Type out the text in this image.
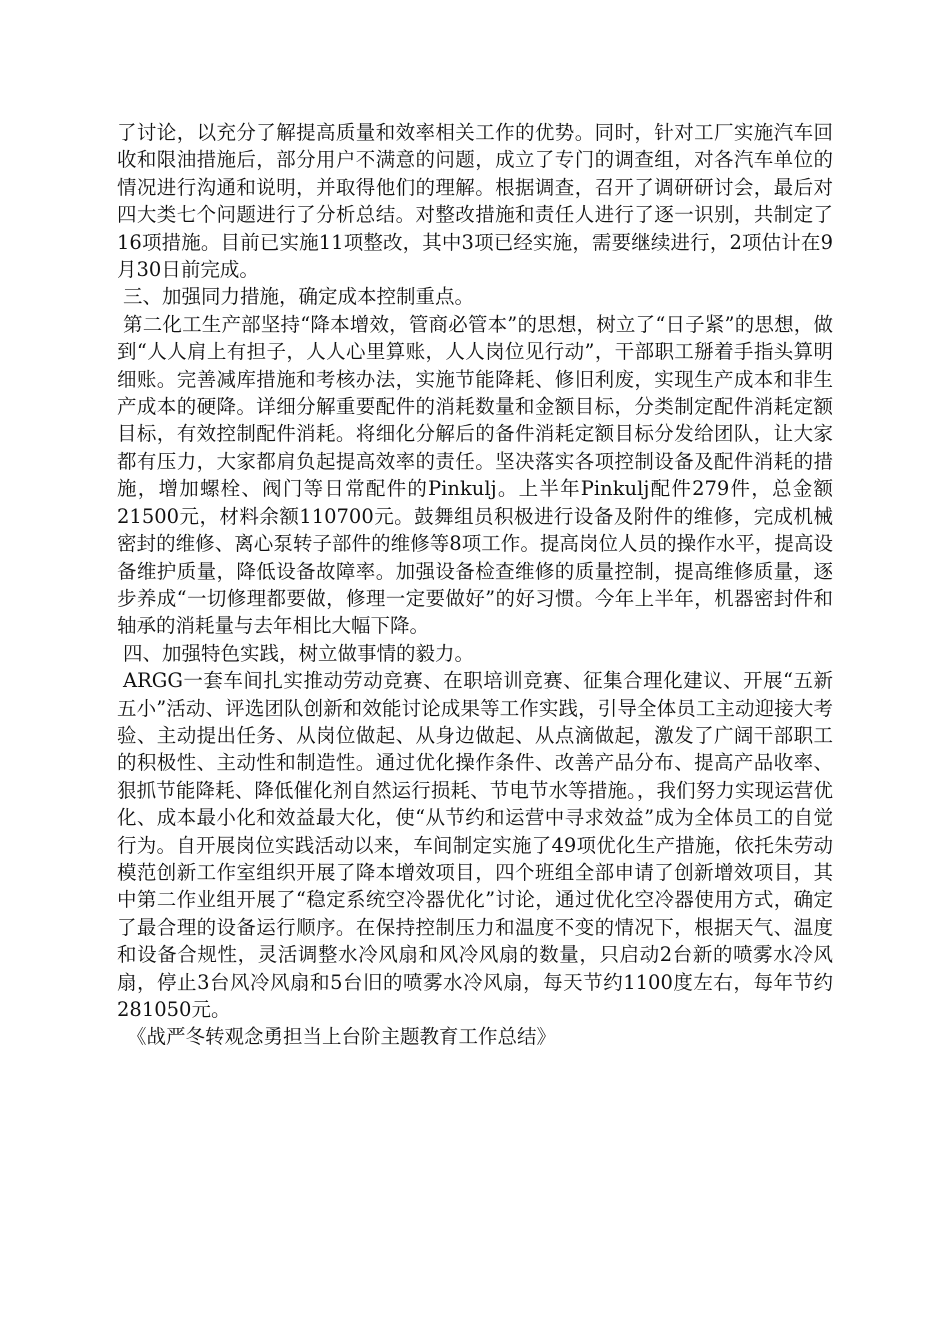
了讨论，以充分了解提高质量和效率相关工作的优势。同时，针对工厂实施汽车回收和限油措施后，部分用户不满意的问题，成立了专门的调查组，对各汽车单位的情况进行沟通和说明，并取得他们的理解。根据调查，召开了调研研讨会，最后对四大类七个问题进行了分析总结。对整改措施和责任人进行了逐一识别，共制定了16项措施。目前已实施11项整改，其中3项已经实施，需要继续进行，2项估计在9月30日前完成。

三、加强同力措施，确定成本控制重点。

第二化工生产部坚持“降本增效，管商必管本”的思想，树立了“日子紧”的思想，做到“人人肩上有担子，人人心里算账，人人岗位见行动”，干部职工掰着手指头算明细账。完善减库措施和考核办法，实施节能降耗、修旧利废，实现生产成本和非生产成本的硬降。详细分解重要配件的消耗数量和金额目标，分类制定配件消耗定额目标，有效控制配件消耗。将细化分解后的备件消耗定额目标分发给团队，让大家都有压力，大家都肩负起提高效率的责任。坚决落实各项控制设备及配件消耗的措施，增加螺栓、阀门等日常配件的Pinkulj。上半年Pinkulj配件279件，总金额21500元，材料余额110700元。鼓舞组员积极进行设备及附件的维修，完成机械密封的维修、离心泵转子部件的维修等8项工作。提高岗位人员的操作水平，提高设备维护质量，降低设备故障率。加强设备检查维修的质量控制，提高维修质量，逐步养成“一切修理都要做，修理一定要做好”的好习惯。今年上半年，机器密封件和轴承的消耗量与去年相比大幅下降。

四、加强特色实践，树立做事情的毅力。

ARGG一套车间扎实推动劳动竞赛、在职培训竞赛、征集合理化建议、开展“五新五小”活动、评选团队创新和效能讨论成果等工作实践，引导全体员工主动迎接大考验、主动提出任务、从岗位做起、从身边做起、从点滴做起，激发了广阔干部职工的积极性、主动性和制造性。通过优化操作条件、改善产品分布、提高产品收率、狠抓节能降耗、降低催化剂自然运行损耗、节电节水等措施。，我们努力实现运营优化、成本最小化和效益最大化，使“从节约和运营中寻求效益”成为全体员工的自觉行为。自开展岗位实践活动以来，车间制定实施了49项优化生产措施，依托朱劳动模范创新工作室组织开展了降本增效项目，四个班组全部申请了创新增效项目，其中第二作业组开展了“稳定系统空冷器优化”讨论，通过优化空冷器使用方式，确定了最合理的设备运行顺序。在保持控制压力和温度不变的情况下，根据天气、温度和设备合规性，灵活调整水冷风扇和风冷风扇的数量，只启动2台新的喷雾水冷风扇，停止3台风冷风扇和5台旧的喷雾水冷风扇，每天节约1100度左右，每年节约281050元。

《战严冬转观念勇担当上台阶主题教育工作总结》
